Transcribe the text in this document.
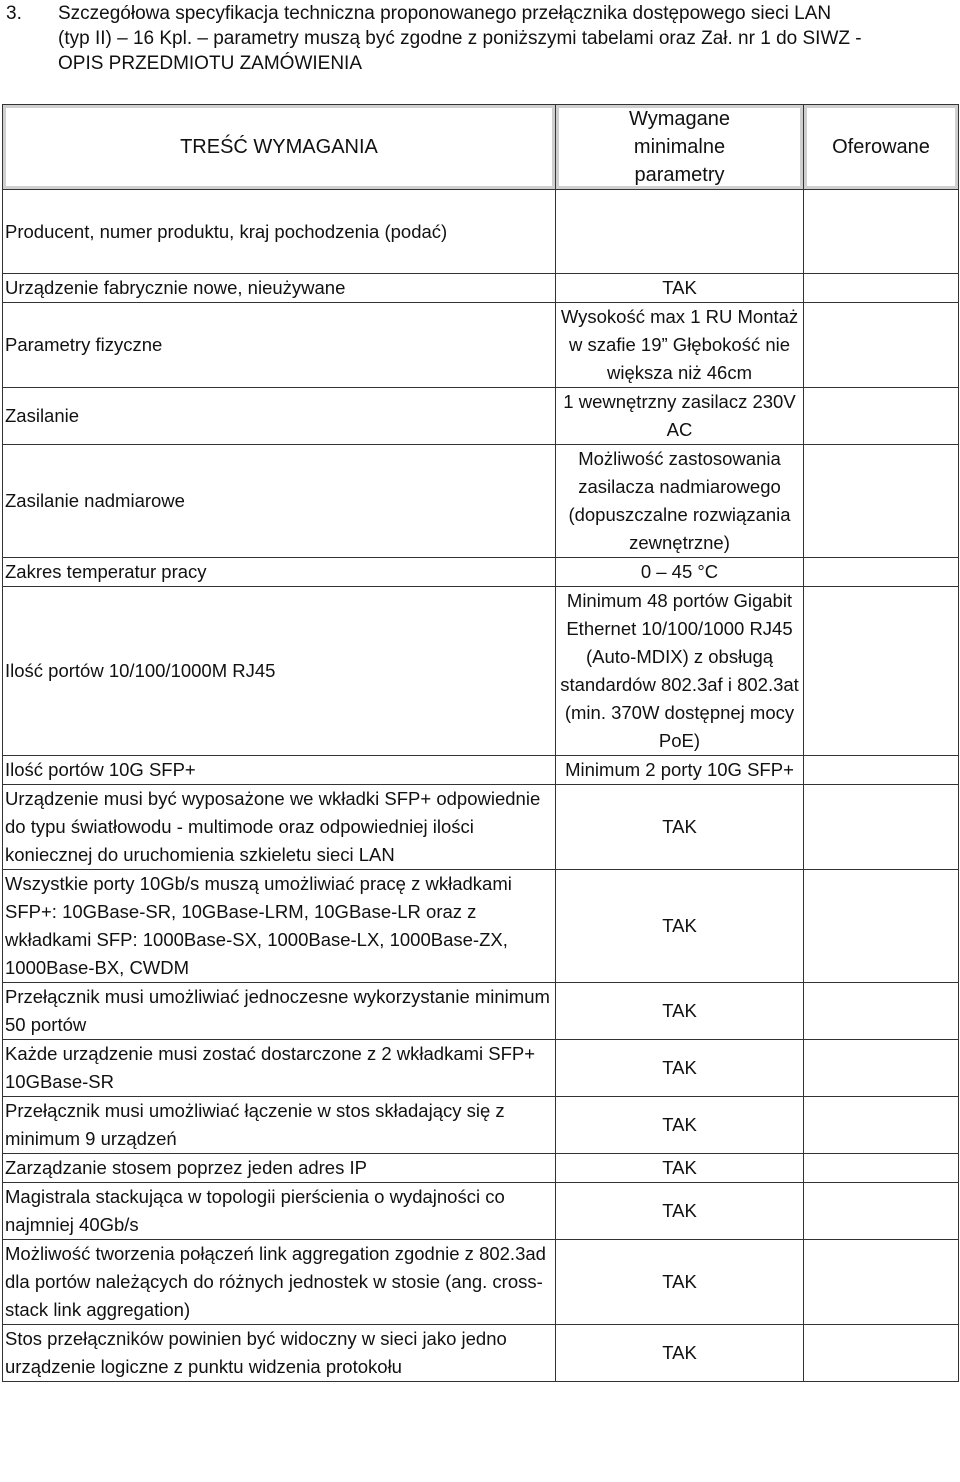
3. Szczegółowa specyfikacja techniczna proponowanego przełącznika dostępowego sieci LAN
(typ II) – 16 Kpl. – parametry muszą być zgodne z poniższymi tabelami oraz Zał. nr 1 do SIWZ -
OPIS PRZEDMIOTU ZAMÓWIENIA
TREŚĆ WYMAGANIA	Wymagane
minimalne
parametry	Oferowane
Producent, numer produktu, kraj pochodzenia (podać)		
Urządzenie fabrycznie nowe, nieużywane	TAK	
Parametry fizyczne	Wysokość max 1 RU Montaż w szafie 19” Głębokość nie większa niż 46cm	
Zasilanie	1 wewnętrzny zasilacz 230V AC	
Zasilanie nadmiarowe	Możliwość zastosowania zasilacza nadmiarowego (dopuszczalne rozwiązania zewnętrzne)	
Zakres temperatur pracy	0 – 45 °C	
Ilość portów 10/100/1000M RJ45	Minimum 48 portów Gigabit Ethernet 10/100/1000 RJ45 (Auto-MDIX) z obsługą standardów 802.3af i 802.3at (min. 370W dostępnej mocy PoE)	
Ilość portów 10G SFP+	Minimum 2 porty 10G SFP+	
Urządzenie musi być wyposażone we wkładki SFP+ odpowiednie do typu światłowodu - multimode oraz odpowiedniej ilości koniecznej do uruchomienia szkieletu sieci LAN	TAK	
Wszystkie porty 10Gb/s muszą umożliwiać pracę z wkładkami SFP+: 10GBase-SR, 10GBase-LRM, 10GBase-LR oraz z wkładkami SFP: 1000Base-SX, 1000Base-LX, 1000Base-ZX, 1000Base-BX, CWDM	TAK	
Przełącznik musi umożliwiać jednoczesne wykorzystanie minimum 50 portów	TAK	
Każde urządzenie musi zostać dostarczone z 2 wkładkami SFP+ 10GBase-SR	TAK	
Przełącznik musi umożliwiać łączenie w stos składający się z minimum 9 urządzeń	TAK	
Zarządzanie stosem poprzez jeden adres IP	TAK	
Magistrala stackująca w topologii pierścienia o wydajności co najmniej 40Gb/s	TAK	
Możliwość tworzenia połączeń link aggregation zgodnie z 802.3ad dla portów należących do różnych jednostek w stosie (ang. cross-stack link aggregation)	TAK	
Stos przełączników powinien być widoczny w sieci jako jedno urządzenie logiczne z punktu widzenia protokołu	TAK	
